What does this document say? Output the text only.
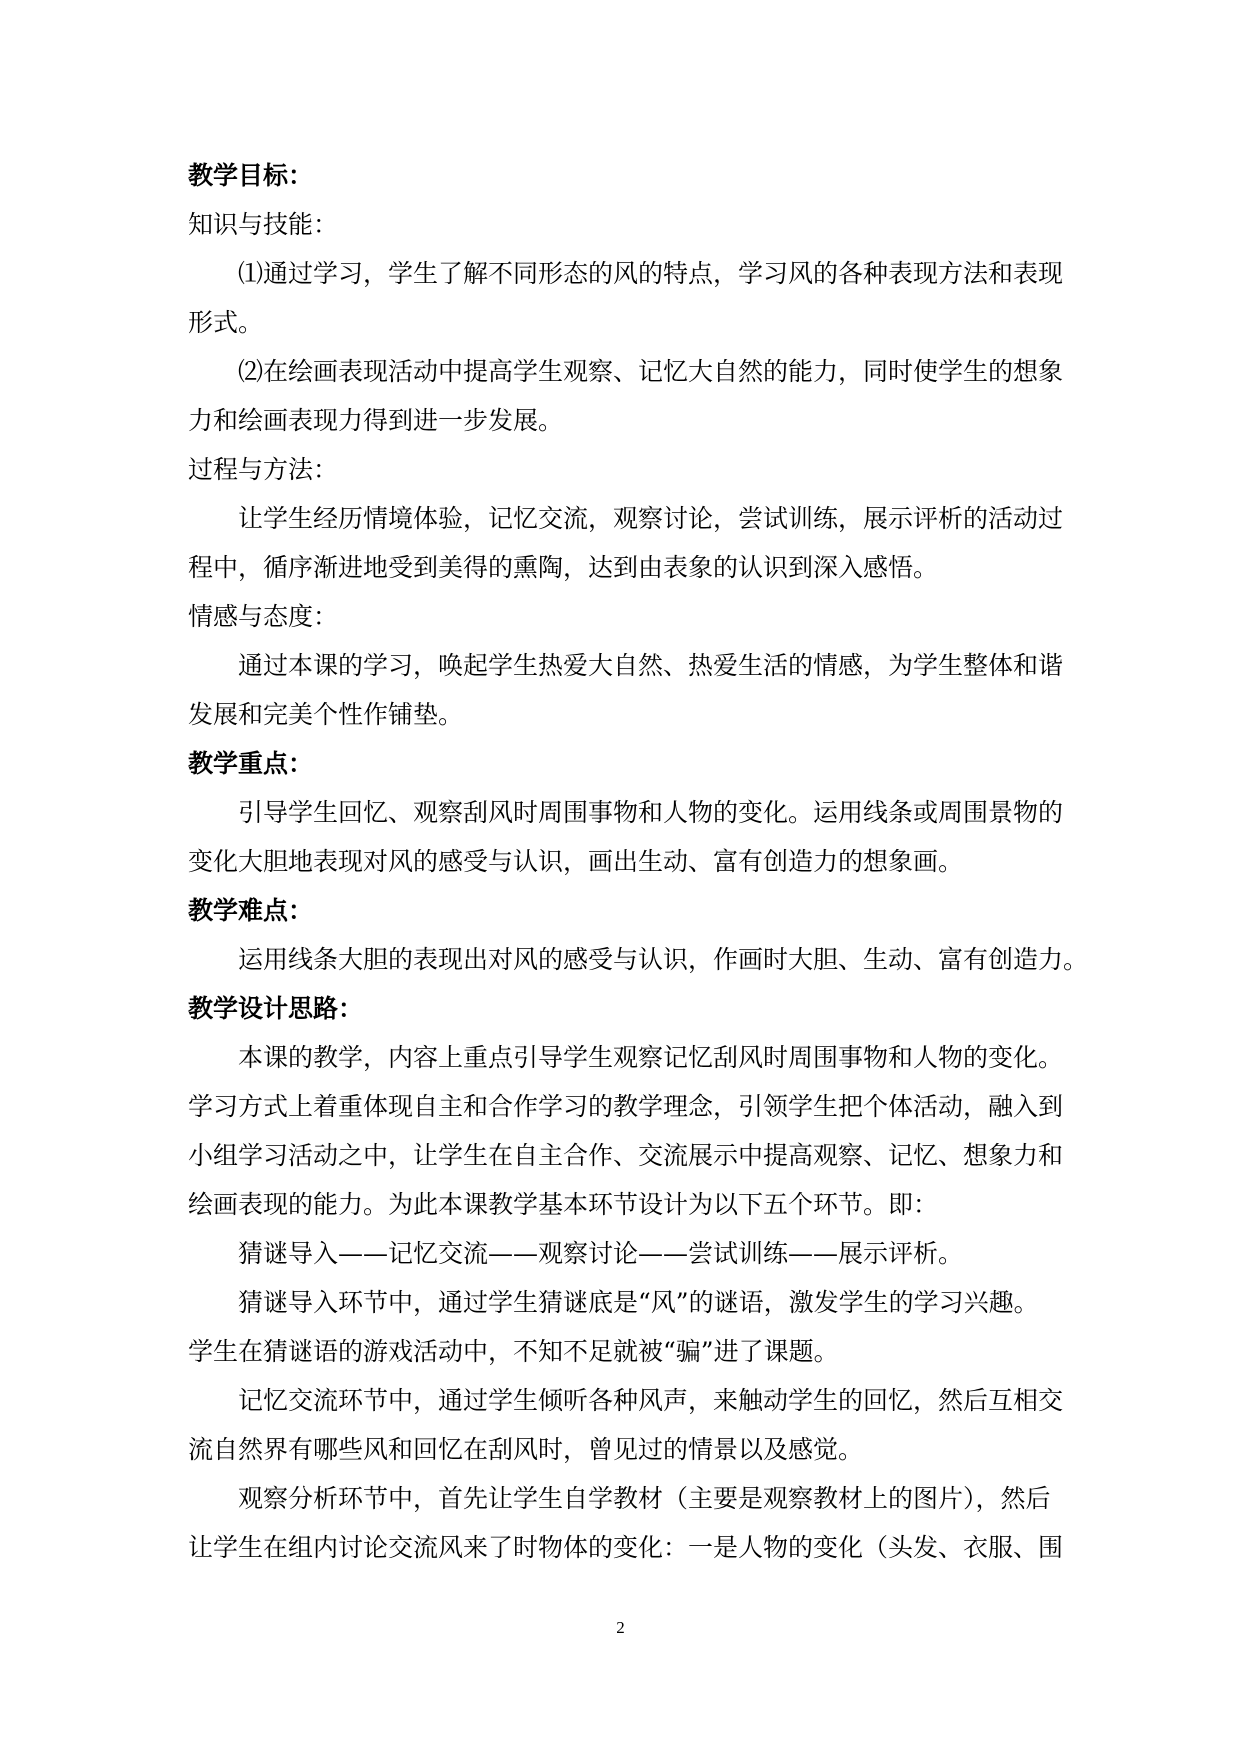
教学目标：
知识与技能：
⑴通过学习，学生了解不同形态的风的特点，学习风的各种表现方法和表现
形式。
⑵在绘画表现活动中提高学生观察、记忆大自然的能力，同时使学生的想象
力和绘画表现力得到进一步发展。
过程与方法：
让学生经历情境体验，记忆交流，观察讨论，尝试训练，展示评析的活动过
程中，循序渐进地受到美得的熏陶，达到由表象的认识到深入感悟。
情感与态度：
通过本课的学习，唤起学生热爱大自然、热爱生活的情感，为学生整体和谐
发展和完美个性作铺垫。
教学重点：
引导学生回忆、观察刮风时周围事物和人物的变化。运用线条或周围景物的
变化大胆地表现对风的感受与认识，画出生动、富有创造力的想象画。
教学难点：
运用线条大胆的表现出对风的感受与认识，作画时大胆、生动、富有创造力。
教学设计思路：
本课的教学，内容上重点引导学生观察记忆刮风时周围事物和人物的变化。
学习方式上着重体现自主和合作学习的教学理念，引领学生把个体活动，融入到
小组学习活动之中，让学生在自主合作、交流展示中提高观察、记忆、想象力和
绘画表现的能力。为此本课教学基本环节设计为以下五个环节。即：
猜谜导入——记忆交流——观察讨论——尝试训练——展示评析。
猜谜导入环节中，通过学生猜谜底是“风”的谜语，激发学生的学习兴趣。
学生在猜谜语的游戏活动中，不知不足就被“骗”进了课题。
记忆交流环节中，通过学生倾听各种风声，来触动学生的回忆，然后互相交
流自然界有哪些风和回忆在刮风时，曾见过的情景以及感觉。
观察分析环节中，首先让学生自学教材（主要是观察教材上的图片），然后
让学生在组内讨论交流风来了时物体的变化：一是人物的变化（头发、衣服、围
2
